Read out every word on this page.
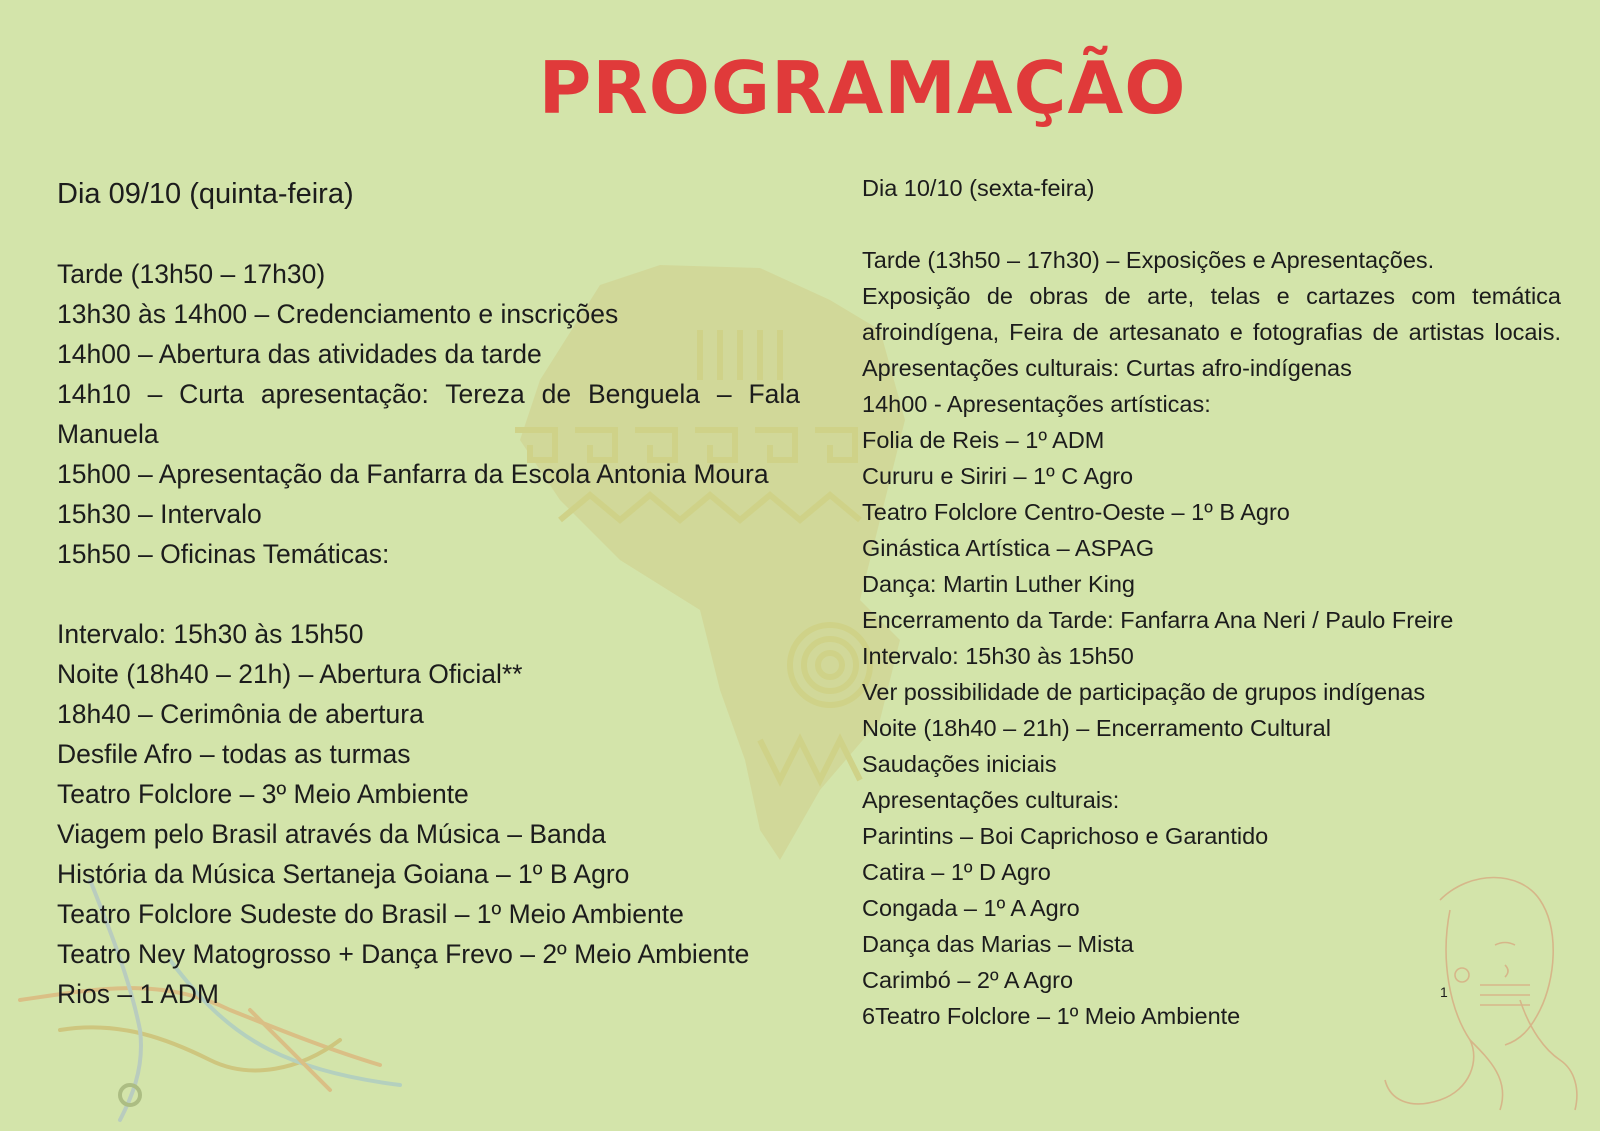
PROGRAMAÇÃO
Dia 09/10 (quinta-feira)
Tarde (13h50 – 17h30)
13h30 às 14h00 – Credenciamento e inscrições
14h00 – Abertura das atividades da tarde
14h10 – Curta apresentação: Tereza de Benguela – Fala Manuela
15h00 – Apresentação da Fanfarra da Escola Antonia Moura
15h30 – Intervalo
15h50 – Oficinas Temáticas:
Intervalo: 15h30 às 15h50
Noite (18h40 – 21h) – Abertura Oficial**
18h40 – Cerimônia de abertura
Desfile Afro – todas as turmas
Teatro Folclore – 3º Meio Ambiente
Viagem pelo Brasil através da Música – Banda
História da Música Sertaneja Goiana – 1º B Agro
Teatro Folclore Sudeste do Brasil – 1º Meio Ambiente
Teatro Ney Matogrosso + Dança Frevo – 2º Meio Ambiente
Rios – 1 ADM
Dia 10/10 (sexta-feira)
Tarde (13h50 – 17h30) – Exposições e Apresentações.
Exposição de obras de arte, telas e cartazes com temática afroindígena, Feira de artesanato e fotografias de artistas locais. Apresentações culturais: Curtas afro-indígenas
14h00 - Apresentações artísticas:
Folia de Reis – 1º ADM
Cururu e Siriri – 1º C Agro
Teatro Folclore Centro-Oeste – 1º B Agro
Ginástica Artística – ASPAG
Dança: Martin Luther King
Encerramento da Tarde: Fanfarra Ana Neri / Paulo Freire
Intervalo: 15h30 às 15h50
Ver possibilidade de participação de grupos indígenas
Noite (18h40 – 21h) – Encerramento Cultural
Saudações iniciais
Apresentações culturais:
Parintins – Boi Caprichoso e Garantido
Catira – 1º D Agro
Congada – 1º A Agro
Dança das Marias – Mista
Carimbó – 2º A Agro
6Teatro Folclore – 1º Meio Ambiente
1
